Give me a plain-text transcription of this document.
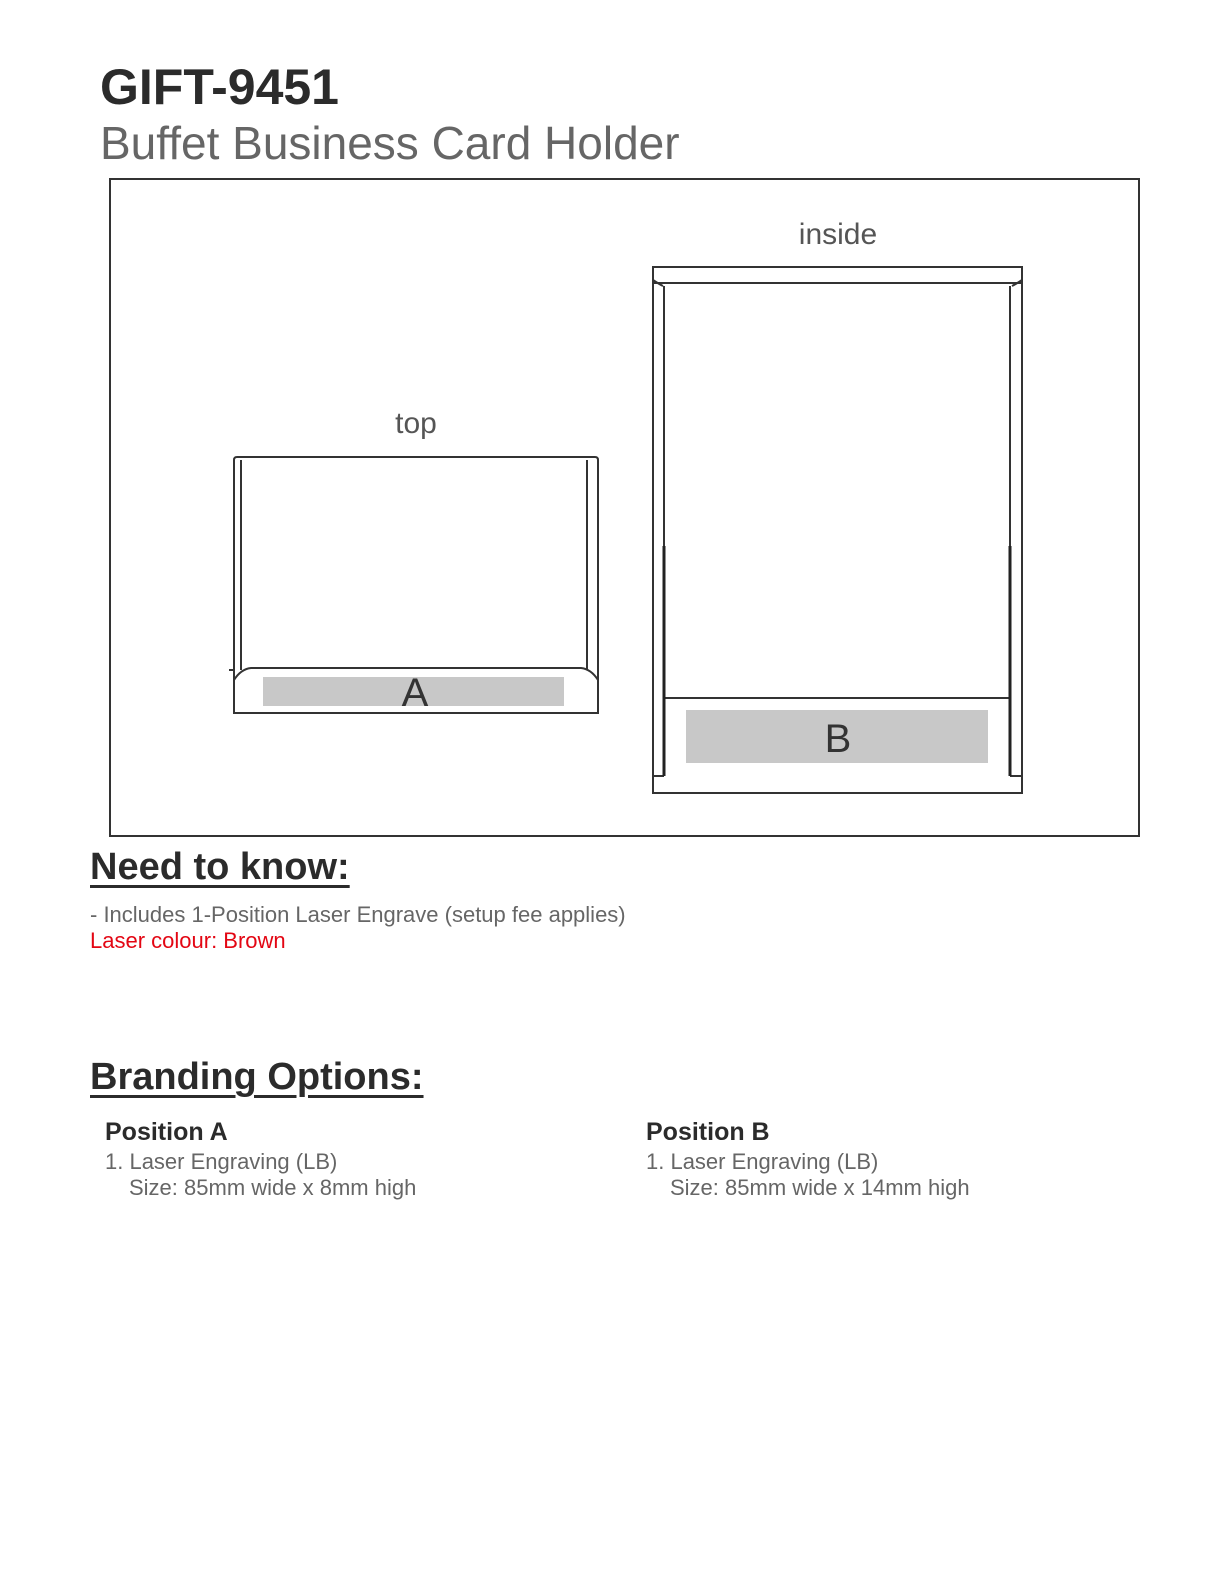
GIFT-9451
Buffet Business Card Holder
top
A
inside
B
Need to know:
- Includes 1-Position Laser Engrave (setup fee applies)
Laser colour: Brown
Branding Options:
Position A
1. Laser Engraving (LB)
Size: 85mm wide x 8mm high
Position B
1. Laser Engraving (LB)
Size: 85mm wide x 14mm high
